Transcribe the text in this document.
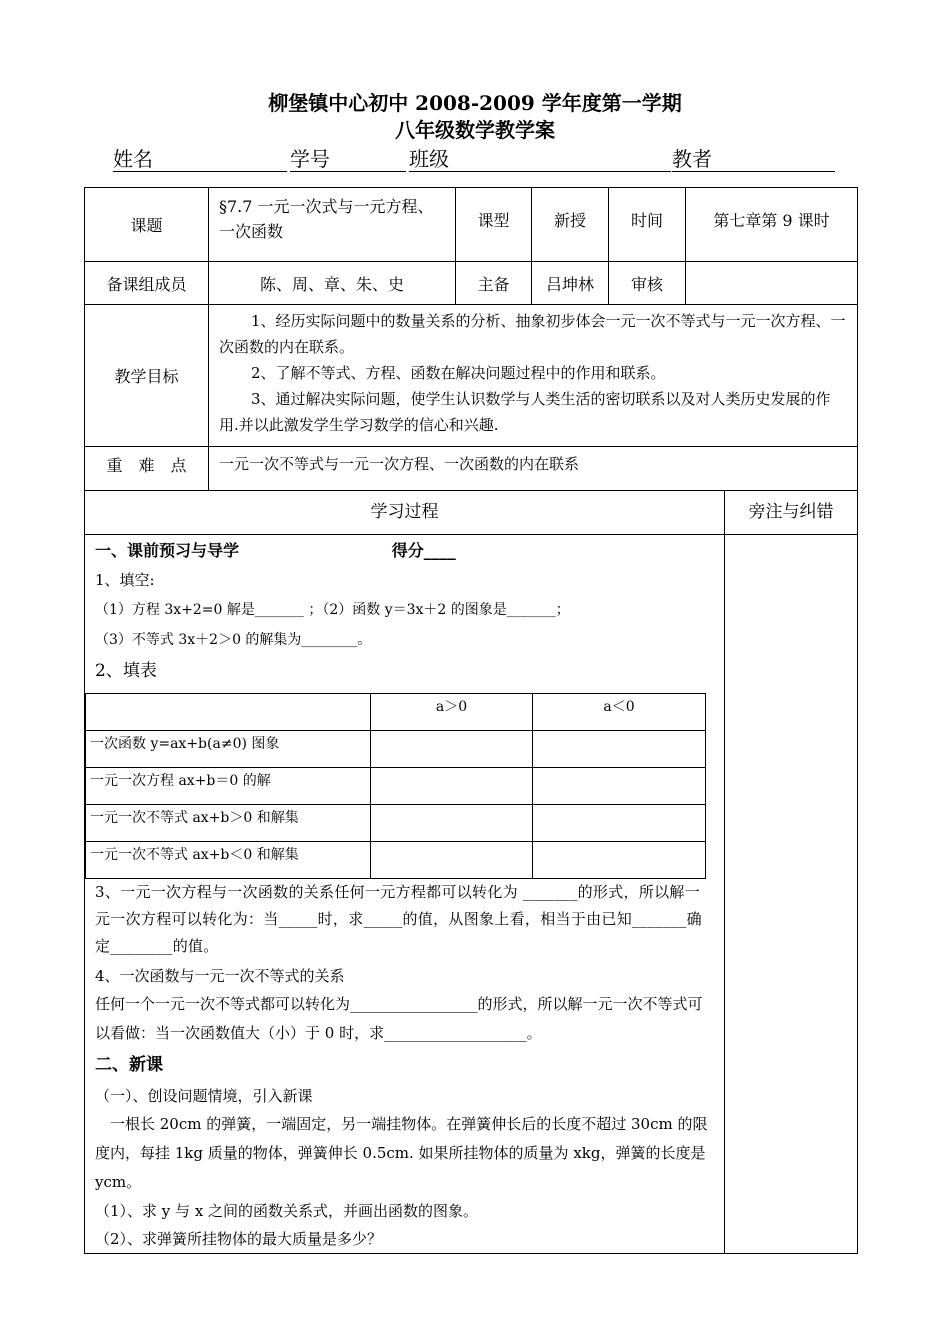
柳堡镇中心初中 2008-2009 学年度第一学期
八年级数学教学案
姓名	学号	班级	教者
课题	§7.7 一元一次式与一元方程、一次函数	课型	新授	时间	第七章第 9 课时
备课组成员	陈、周、章、朱、史	主备	吕坤林	审核	
教学目标	1、经历实际问题中的数量关系的分析、抽象初步体会一元一次不等式与一元一次方程、一次函数的内在联系。

2、了解不等式、方程、函数在解决问题过程中的作用和联系。

3、通过解决实际问题，使学生认识数学与人类生活的密切联系以及对人类历史发展的作用.并以此激发学生学习数学的信心和兴趣.				

重　难　点	一元一次不等式与一元一次方程、一次函数的内在联系				
学习过程	旁注与纠错

一、课前预习与导学	得分____
1、填空:
（1）方程 3x+2=0 解是_______ ；（2）函数 y＝3x＋2 的图象是_______；
（3）不等式 3x＋2＞0 的解集为________。
2、填表
	a＞0	a＜0
一次函数 y=ax+b(a≠0) 图象		
一元一次方程 ax+b＝0 的解		
一元一次不等式 ax+b＞0 和解集		
一元一次不等式 ax+b＜0 和解集		
3、一元一次方程与一次函数的关系任何一元方程都可以转化为 _______的形式，所以解一元一次方程可以转化为：当_____时，求_____的值，从图象上看，相当于由已知_______确定________的值。
4、一次函数与一元一次不等式的关系
任何一个一元一次不等式都可以转化为_________________的形式，所以解一元一次不等式可以看做：当一次函数值大（小）于 0 时，求___________________。
二、新课
（一）、创设问题情境，引入新课
一根长 20cm 的弹簧，一端固定，另一端挂物体。在弹簧伸长后的长度不超过 30cm 的限度内，每挂 1kg 质量的物体，弹簧伸长 0.5cm. 如果所挂物体的质量为 xkg，弹簧的长度是 ycm。
（1）、求 y 与 x 之间的函数关系式，并画出函数的图象。
（2）、求弹簧所挂物体的最大质量是多少？
